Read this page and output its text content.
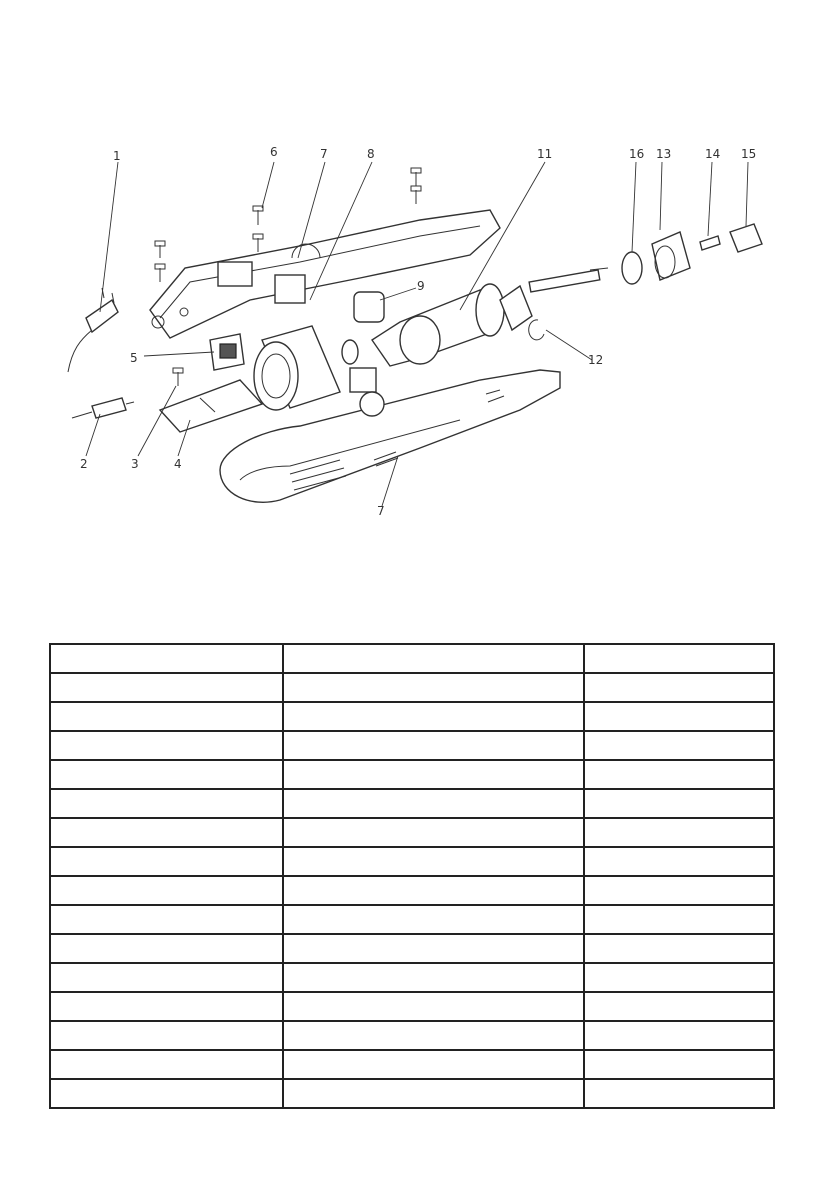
1
2	3	4
5
6	7
7
8
9
11
12
13	14 15
16
